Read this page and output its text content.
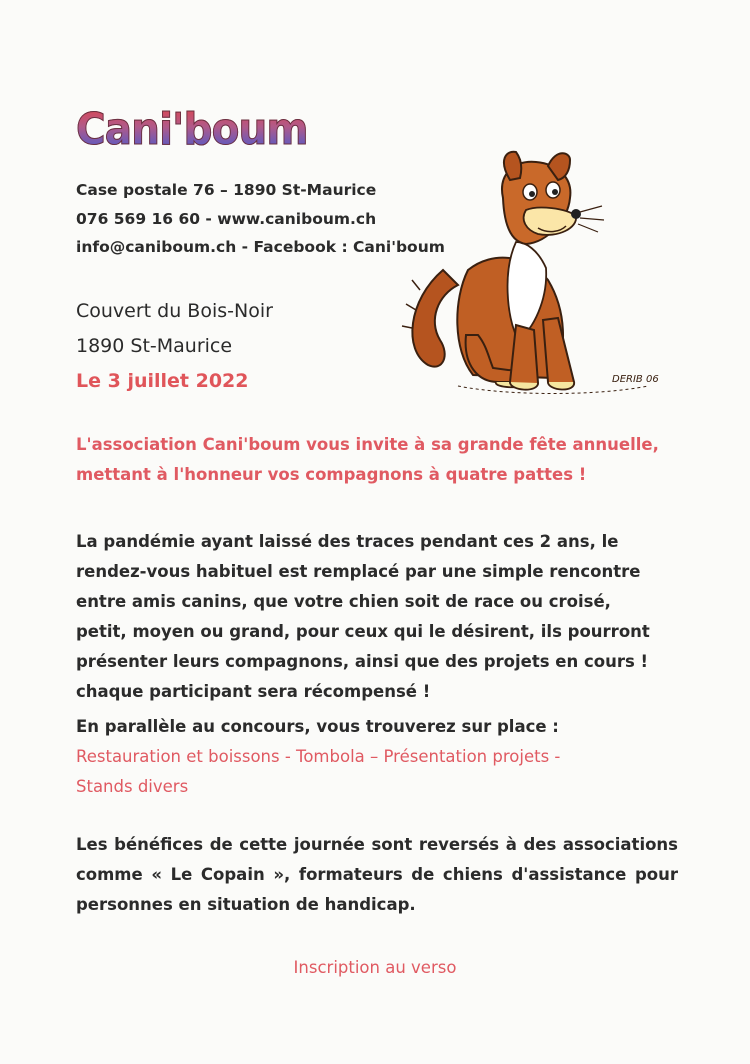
Cani'boum
Case postale 76 – 1890 St-Maurice
076 569 16 60 - www.caniboum.ch
info@caniboum.ch - Facebook : Cani'boum
Couvert du Bois-Noir
1890 St-Maurice
Le 3 juillet 2022	DERIB 06
L'association Cani'boum vous invite à sa grande fête annuelle,
mettant à l'honneur vos compagnons à quatre pattes !
La pandémie ayant laissé des traces pendant ces 2 ans, le
rendez-vous habituel est remplacé par une simple rencontre
entre amis canins, que votre chien soit de race ou croisé,
petit, moyen ou grand, pour ceux qui le désirent, ils pourront
présenter leurs compagnons, ainsi que des projets en cours !
chaque participant sera récompensé !
En parallèle au concours, vous trouverez sur place :
Restauration et boissons - Tombola – Présentation projets -
Stands divers
Les bénéfices de cette journée sont reversés à des associations comme « Le Copain », formateurs de chiens d'assistance pour personnes en situation de handicap.
Inscription au verso
